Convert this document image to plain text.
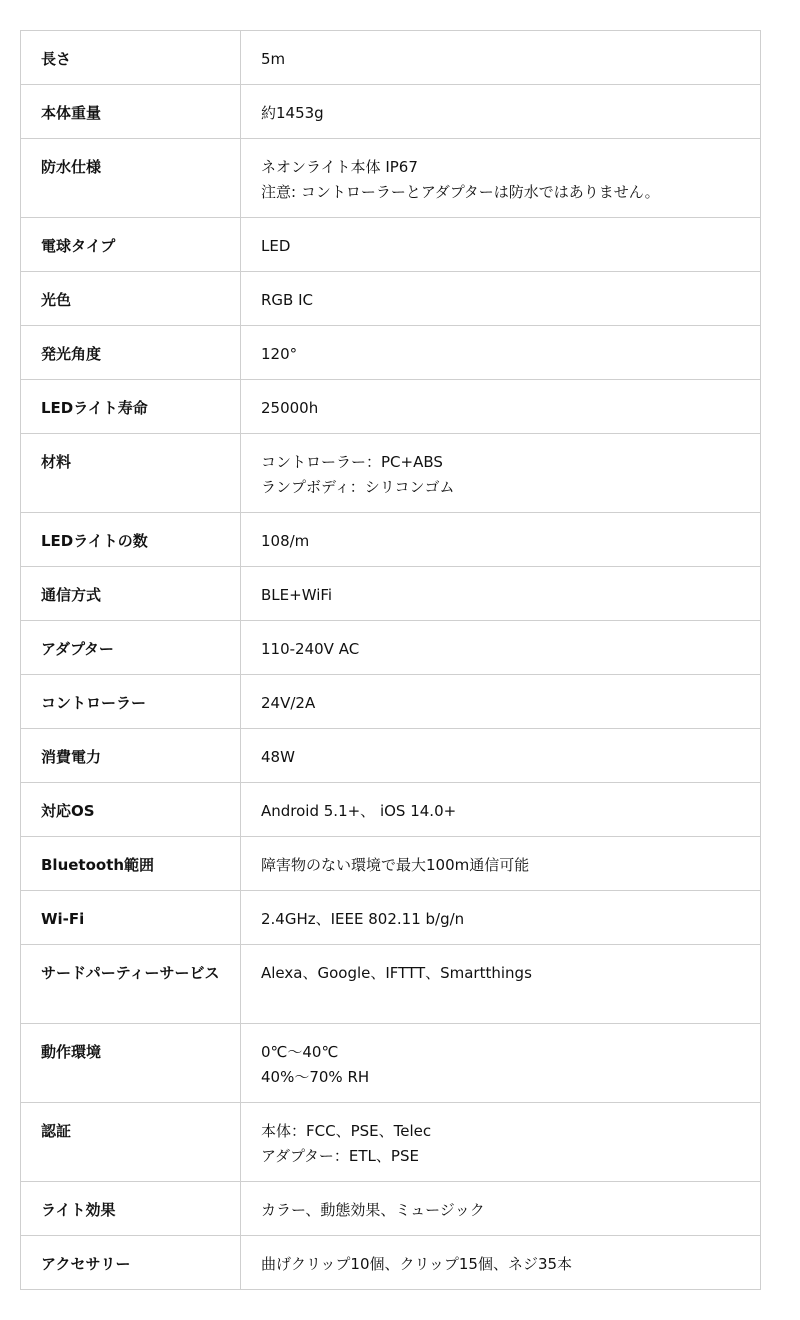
長さ	5m

本体重量	約1453g

防水仕様	ネオンライト本体 IP67
注意: コントローラーとアダプターは防水ではありません。

電球タイプ	LED

光色	RGB IC

発光角度	120°

LEDライト寿命	25000h

材料	コントローラー：PC+ABS
ランプボディ：シリコンゴム

LEDライトの数	108/m

通信方式	BLE+WiFi

アダプター	110-240V AC

コントローラー	24V/2A

消費電力	48W

対応OS	Android 5.1+、 iOS 14.0+

Bluetooth範囲	障害物のない環境で最大100m通信可能

Wi-Fi	2.4GHz、IEEE 802.11 b/g/n

サードパーティーサービス	Alexa、Google、IFTTT、Smartthings

動作環境	0℃～40℃
40%～70% RH

認証	本体：FCC、PSE、Telec
アダプター：ETL、PSE

ライト効果	カラー、動態効果、ミュージック

アクセサリー	曲げクリップ10個、クリップ15個、ネジ35本
